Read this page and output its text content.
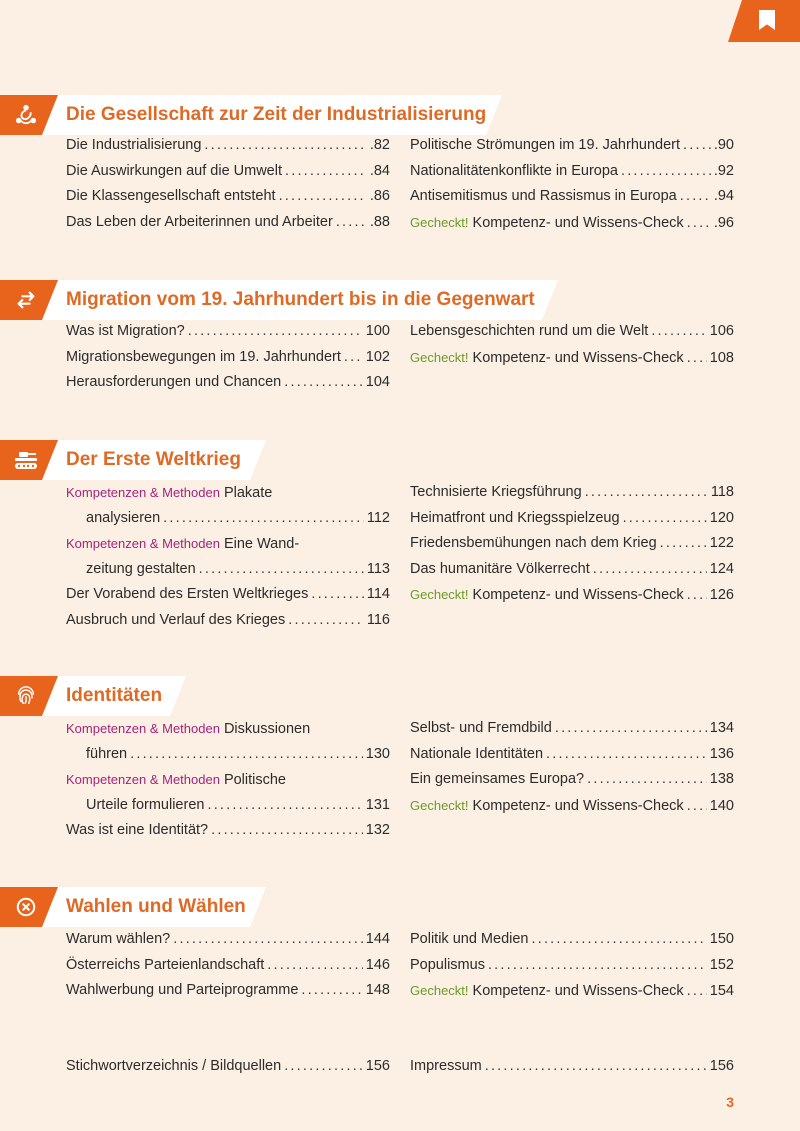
Die Gesellschaft zur Zeit der Industrialisierung
Die Industrialisierung .....	.82
Die Auswirkungen auf die Umwelt .....	.84
Die Klassengesellschaft entsteht .....	.86
Das Leben der Arbeiterinnen und Arbeiter .....	.88
Politische Strömungen im 19. Jahrhundert ..... .90
Nationalitätenkonflikte in Europa .....	.92
Antisemitismus und Rassismus in Europa .....	.94
Gecheckt! Kompetenz- und Wissens-Check ..... .96
Migration vom 19. Jahrhundert bis in die Gegenwart
Was ist Migration? .....	100
Migrationsbewegungen im 19. Jahrhundert ..... 102
Herausforderungen und Chancen .....	104
Lebensgeschichten rund um die Welt .....	106
Gecheckt! Kompetenz- und Wissens-Check ..... 108
Der Erste Weltkrieg
Kompetenzen & Methoden Plakate
analysieren .....	112
Kompetenzen & Methoden Eine Wand-
zeitung gestalten .....	113
Der Vorabend des Ersten Weltkrieges .....	114
Ausbruch und Verlauf des Krieges .....	116
Technisierte Kriegsführung .....	118
Heimatfront und Kriegsspielzeug .....	120
Friedensbemühungen nach dem Krieg .....	122
Das humanitäre Völkerrecht .....	124
Gecheckt! Kompetenz- und Wissens-Check ..... 126
Identitäten
Kompetenzen & Methoden Diskussionen
führen .....	130
Kompetenzen & Methoden Politische
Urteile formulieren .....	131
Was ist eine Identität? .....	132
Selbst- und Fremdbild .....	134
Nationale Identitäten .....	136
Ein gemeinsames Europa? .....	138
Gecheckt! Kompetenz- und Wissens-Check ..... 140
Wahlen und Wählen
Warum wählen? .....	144
Österreichs Parteienlandschaft .....	146
Wahlwerbung und Parteiprogramme .....	148
Politik und Medien .....	150
Populismus .....	152
Gecheckt! Kompetenz- und Wissens-Check ..... 154
Stichwortverzeichnis / Bildquellen .....	156 Impressum .....	156
3
